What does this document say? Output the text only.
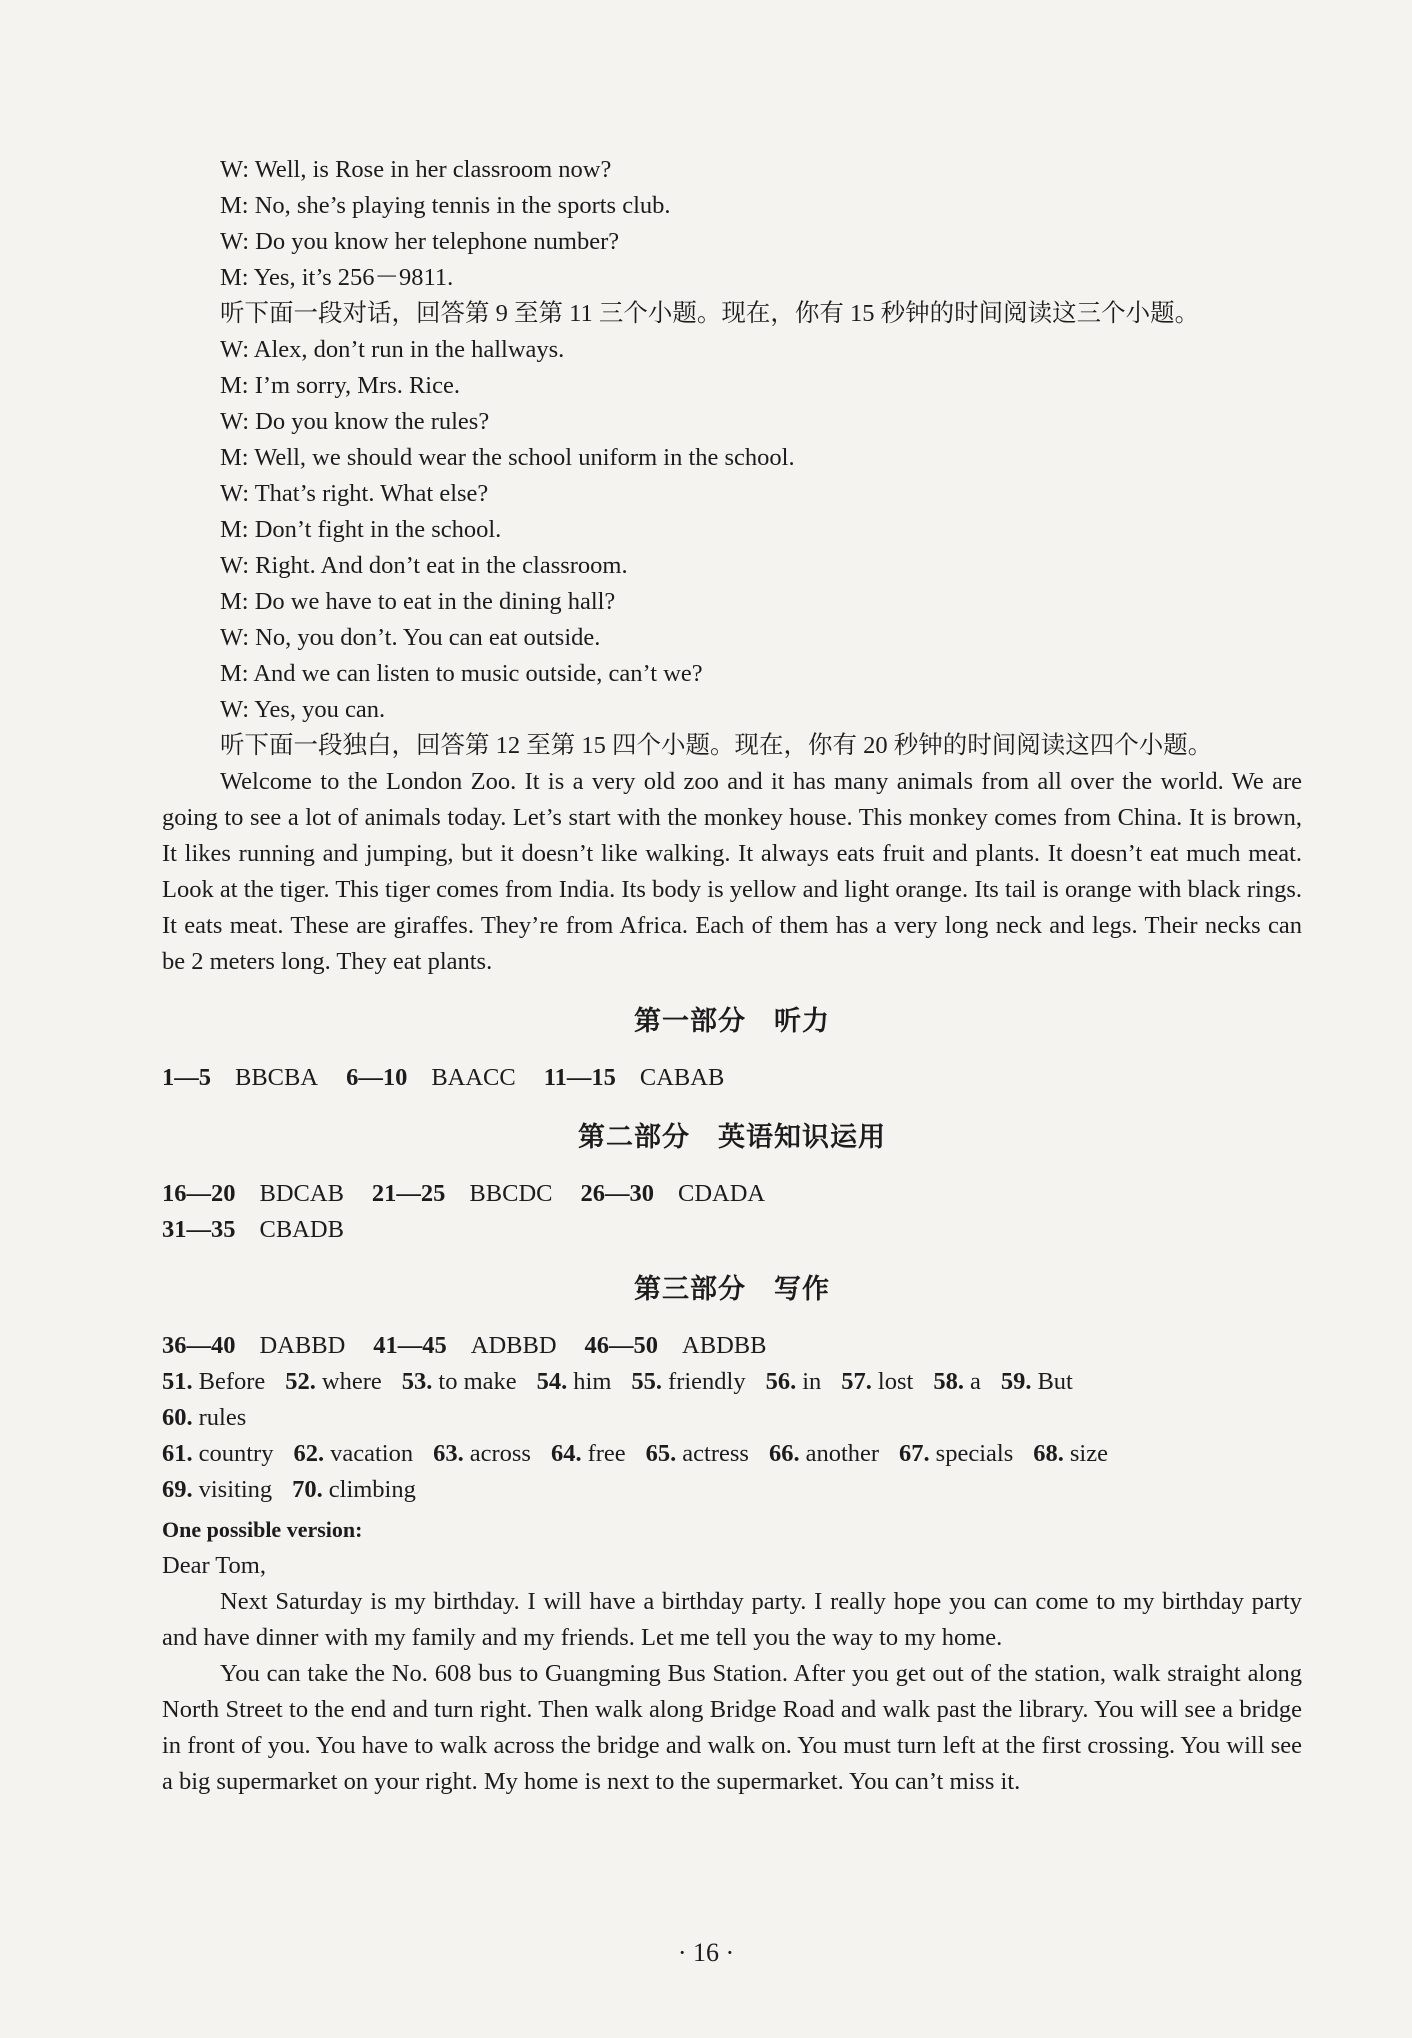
W: Well, is Rose in her classroom now?
M: No, she’s playing tennis in the sports club.
W: Do you know her telephone number?
M: Yes, it’s 256－9811.
听下面一段对话，回答第 9 至第 11 三个小题。现在，你有 15 秒钟的时间阅读这三个小题。
W: Alex, don’t run in the hallways.
M: I’m sorry, Mrs. Rice.
W: Do you know the rules?
M: Well, we should wear the school uniform in the school.
W: That’s right. What else?
M: Don’t fight in the school.
W: Right. And don’t eat in the classroom.
M: Do we have to eat in the dining hall?
W: No, you don’t. You can eat outside.
M: And we can listen to music outside, can’t we?
W: Yes, you can.
听下面一段独白，回答第 12 至第 15 四个小题。现在，你有 20 秒钟的时间阅读这四个小题。
Welcome to the London Zoo. It is a very old zoo and it has many animals from all over the world. We are going to see a lot of animals today. Let’s start with the monkey house. This monkey comes from China. It is brown, It likes running and jumping, but it doesn’t like walking. It always eats fruit and plants. It doesn’t eat much meat. Look at the tiger. This tiger comes from India. Its body is yellow and light orange. Its tail is orange with black rings. It eats meat. These are giraffes. They’re from Africa. Each of them has a very long neck and legs. Their necks can be 2 meters long. They eat plants.
第一部分　听力
1—5 BBCBA 6—10 BAACC 11—15 CABAB
第二部分　英语知识运用
16—20 BDCAB 21—25 BBCDC 26—30 CDADA
31—35 CBADB
第三部分　写作
36—40 DABBD 41—45 ADBBD 46—50 ABDBB
51. Before 52. where 53. to make 54. him 55. friendly 56. in 57. lost 58. a 59. But
60. rules
61. country 62. vacation 63. across 64. free 65. actress 66. another 67. specials 68. size
69. visiting 70. climbing
One possible version:
Dear Tom,
Next Saturday is my birthday. I will have a birthday party. I really hope you can come to my birthday party and have dinner with my family and my friends. Let me tell you the way to my home.
You can take the No. 608 bus to Guangming Bus Station. After you get out of the station, walk straight along North Street to the end and turn right. Then walk along Bridge Road and walk past the library. You will see a bridge in front of you. You have to walk across the bridge and walk on. You must turn left at the first crossing. You will see a big supermarket on your right. My home is next to the supermarket. You can’t miss it.
· 16 ·
